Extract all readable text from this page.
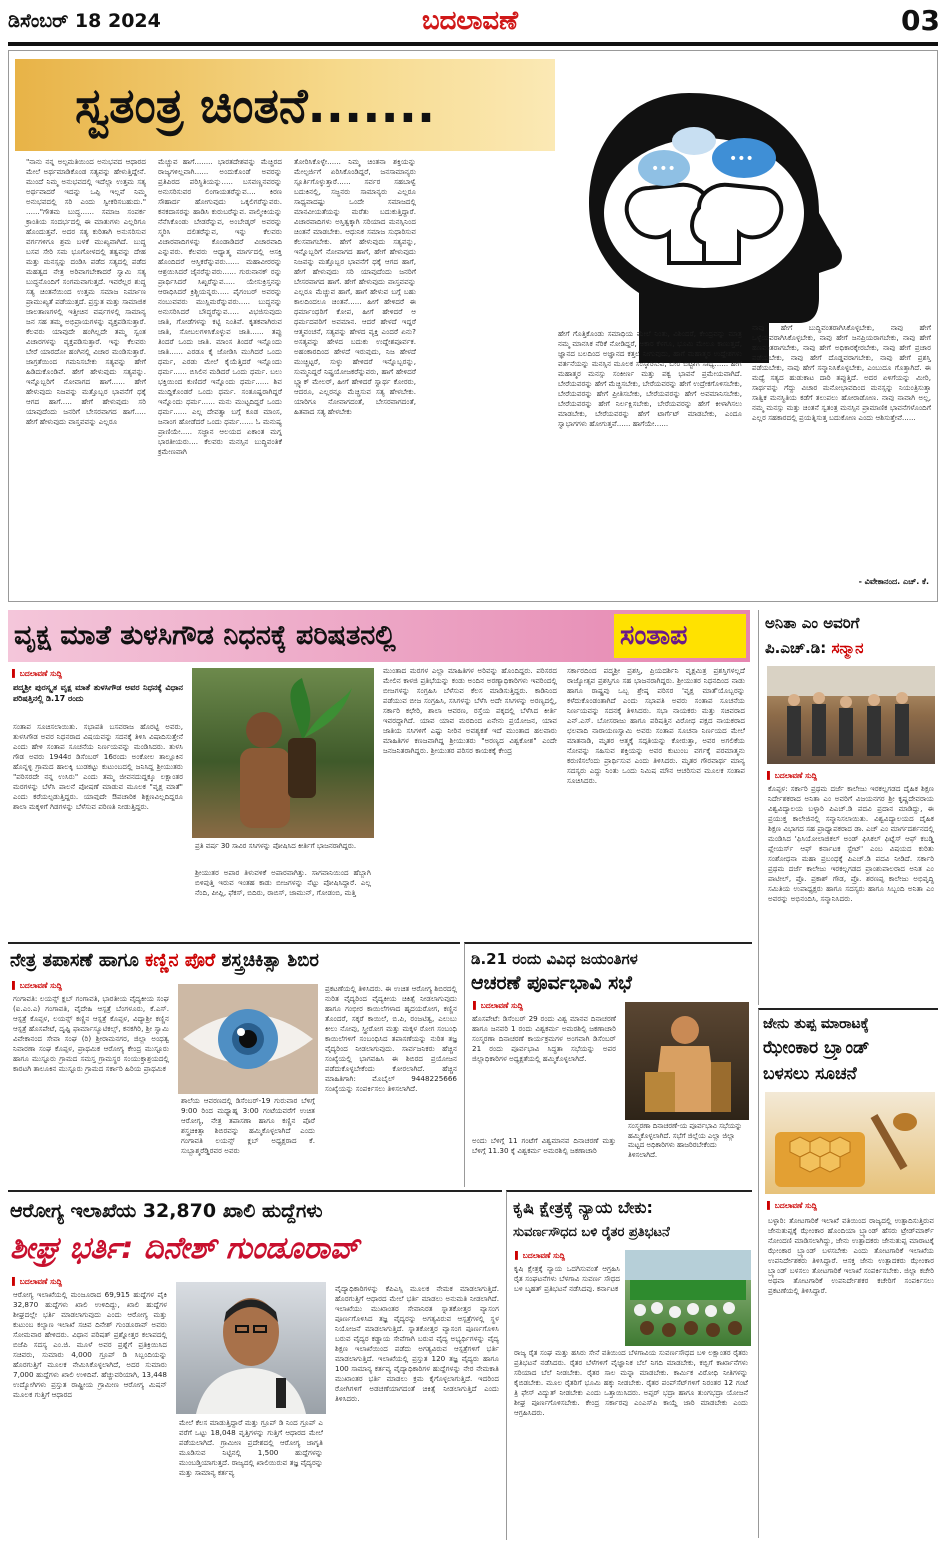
ಡಿಸೆಂಬರ್ 18 2024	ಬದಲಾವಣೆ	03
ಸ್ವತಂತ್ರ ಚಿಂತನೆ.......
•••
•••
"ನಾನು ನನ್ನ ಅಲ್ಪಮತಿಯಿಂದ ಅನುಭವದ ಆಧಾರದ ಮೇಲೆ ಅರ್ಥಮಾಡಿಕೊಂಡ ಸತ್ಯವನ್ನು ಹೇಳುತ್ತಿದ್ದೇನೆ. ಮುಂದೆ ನಿಮ್ಮ ಅನುಭವದಲ್ಲಿ ಇದೆಲ್ಲಾ ಉತ್ತಮ ಸತ್ಯ ಅರ್ಥವಾದರೆ ಇದನ್ನು ಒಪ್ಪಿ ಇಲ್ಲವೆ ನಿಮ್ಮ ಅನುಭವದಲ್ಲಿ ಸರಿ ಎಂದು ಸ್ವೀಕರಿಸಬಹುದು." ......"ಗೌತಮ ಬುದ್ಧ...... ಸಮಾಜ ಸಂಪರ್ಕ ಕ್ರಾಂತಿಯ ಸಂದರ್ಭದಲ್ಲಿ ಈ ಮಾತುಗಳು ಎಲ್ಲರಿಗೂ ಹೊಂದುತ್ತವೆ. ಅದರ ಸತ್ಯ ಕುರಿತಾಗಿ ಅನುಸರಿಸುವ ವರ್ಗಗಳಿಗೂ ಶ್ರಮ ಬಳಕೆ ಮುಖ್ಯವಾಗಿದೆ. ಬುದ್ಧ ಬಸವ ಸೇರಿ ಸಮ ಭೂಗೋಳದಲ್ಲಿ ತತ್ವವನ್ನು ದೇಹ ಮತ್ತು ಮನಸ್ಸನ್ನು ದಂಡಿಸಿ ಪಡೆದ ಸತ್ಯದಲ್ಲಿ ಪಡೆದ ಮಹತ್ವದ ನೇತ್ರ ಅರಿವಾಗಬೇಕಾದರೆ ಸ್ವಾಮಿ ಸತ್ಯ ಬುದ್ಧನೊಂದಿಗೆ ಸಂಗಮವಾಗುತ್ತದೆ. ಇವರೆಲ್ಲರ ಶುದ್ಧ ಸತ್ಯ ಚಿಂತನೆಯಿಂದ ಉತ್ತಮ ಸಮಾಜ ನಿರ್ಮಾಣ ಪ್ರಾಮುಖ್ಯತೆ ಪಡೆಯುತ್ತದೆ. ಪ್ರಸ್ತುತ ಮತ್ತು ಸಾಮಾಜಿಕ ಜಾಲತಾಣಗಳಲ್ಲಿ ಇತ್ತೀಚಿನ ವರ್ಷಗಳಲ್ಲಿ ಸಾಮಾನ್ಯ ಜನ ಸಹ ತಮ್ಮ ಅಭಿಪ್ರಾಯಗಳನ್ನು ವ್ಯಕ್ತಪಡಿಸುತ್ತಾರೆ. ಕೆಲವರು ಯಾವುದೇ ಹಂಗಿಲ್ಲದೇ ತಮ್ಮ ಸ್ವಂತ ವಿಚಾರಗಳನ್ನು ವ್ಯಕ್ತಪಡಿಸುತ್ತಾರೆ. ಇನ್ನು ಕೆಲವರು ಬೇರೆ ಯಾರದೋ ಹಂಗಿನಲ್ಲಿ ವಿಚಾರ ಮಂಡಿಸುತ್ತಾರೆ. ಜಾಗ್ರತೆಯಿಂದ ಗಮನಿಸಬೇಕು ಸತ್ಯವನ್ನು ಹೇಗೆ ಹಿಡಿದುಕೊಂಡಿವೆ. ಹೇಗೆ ಹೇಳುವುದು ಸತ್ಯವನ್ನು. ಇನ್ನೊಬ್ಬರಿಗೆ ನೋವಾಗದ ಹಾಗೆ...... ಹೇಗೆ ಹೇಳುವುದು ನಿಜವನ್ನು ಮತ್ತೊಬ್ಬರ ಭಾವನೆಗೆ ಧಕ್ಕೆ ಆಗದ ಹಾಗೆ..... ಹೇಗೆ ಹೇಳುವುದು ಸರಿ ಯಾವುದೆಂದು ಜನರಿಗೆ ಬೇಸರವಾಗದ ಹಾಗೆ..... ಹೇಗೆ ಹೇಳುವುದು ವಾಸ್ತವವನ್ನು ಎಲ್ಲರೂ
ಮೆಚ್ಚುವ ಹಾಗೆ........ ಭಾರತದೇಶವನ್ನು ಮೆಚ್ಚಿರದ ರಾಜ್ಯಗಳಿಲ್ಲವಾಗಿ...... ಅಂದುಕೊಂಡೆ ಅವರನ್ನು ಪ್ರತಿಪಿರದ ಪರಿಸ್ಥಿತಿಯನ್ನು..... ಬಸವಣ್ಣನವರನ್ನು ಅನುಸರಿಸುವರ ಲಿಂಗಾಯತರೆನ್ನುವ.... ಕಿರಣ ಸೌಹಾರ್ದ ಹೋಗುವುದು ಒಕ್ಕಲಿಗರೆನ್ನುವರು. ಕನಕದಾಸರನ್ನು ಹಾಡಿಸಿ ಕುರುಬರೆನ್ನುವ. ವಾಲ್ಮೀಕಿಯನ್ನು ನೆನೆಸಿಕೊಂಡು ಬೇಡರೆನ್ನುವ, ಅಂಬೇಡ್ಕರ್ ಅವರನ್ನು ಸ್ಮರಿಸಿ ದಲಿತರೆನ್ನುವ, ಇನ್ನು ಕೆಲವರು ವಿಚಾರವಾದಿಗಳನ್ನು ಕೊಂಡಾಡಿದರೆ ವಿಚಾರವಾದಿ ಎನ್ನುವರು. ಕೆಲವರು ಆಧ್ಯಾತ್ಮ ಮಾರ್ಗದಲ್ಲಿ ಆಸಕ್ತಿ ಹೊಂದಿದರೆ ಆಸ್ತಿಕರೆನ್ನುವರು...... ಮಹಾವೀರರನ್ನು ಆಶ್ರಯಿಸಿದರೆ ಜೈನರೆನ್ನುವರು...... ಗುರುನಾನಕ್ ರನ್ನು ಪ್ರಾರ್ಥಿಸಿದರೆ ಸಿಖ್ಖರೆನ್ನುವ..... ಯೇಸುಕ್ರಿಸ್ತನನ್ನು ಆರಾಧಿಸಿದರೆ ಕ್ರಿಶ್ಚಿಯನ್ನರು..... ಪೈಗಂಬರ್ ಅವರನ್ನು ನಂಬುವವರು ಮುಸ್ಲಿಮರೆನ್ನುವರು..... ಬುದ್ಧನನ್ನು ಅನುಸರಿಸಿದರೆ ಬೌದ್ಧರೆನ್ನುವ..... ವಿಭಜಿಸುವುದು ಜಾತಿ, ಗೋಡೆಗಳನ್ನು ಕಟ್ಟಿ ನಿಂತಿವೆ. ಕೃತಕವಾಗಿರುವ ಜಾತಿ, ಸೋಬಲಗಳಿಸಿಕೊಳ್ಳುವ ಜಾತಿ...... ತಪ್ಪು ತಿಂದರೆ ಒಂದು ಜಾತಿ. ಮಾಂಸ ತಿಂದರೆ ಇನ್ನೊಂದು ಜಾತಿ...... ಎರಡೂ ಕೈ ಜೋಡಿಸಿ ಮುಗಿದರೆ ಒಂದು ಧರ್ಮ, ಎರಡು ಮೇಲೆ ಕೈಯೆತ್ತಿದರೆ ಇನ್ನೊಂದು ಧರ್ಮ...... ಬಿಸಿಲಿನ ಮಡಿದರೆ ಒಂದು ಧರ್ಮ. ಬಲು ಭಕ್ತಿಯಿಂದ ಕುಣಿದರೆ ಇನ್ನೊಂದು ಧರ್ಮ...... ಶಿವ ಮುದ್ದಿಕೊಂಡರೆ ಒಂದು ಧರ್ಮ. ಸಂತೂಷ್ಟರಾಗಿದ್ದರೆ ಇನ್ನೊಂದು ಧರ್ಮ...... ಮನು ಮುಟ್ಟದಿದ್ದರೆ ಒಂದು ಧರ್ಮ...... ಎಲ್ಲ ದೇವತ್ವಾ ಬಗ್ಗೆ ಕೂಡ ಮಾಂಸ, ಜನಾಂಗ ಹೋಡೆದರೆ ಒಂದು ಧರ್ಮ...... ಓ ಮನುಷ್ಯ ಪ್ರಾಣಿಯೇ..... ಸಜ್ಜಾನ ಆಲಯದ ಏಕಾಂತ ಮಗ್ನ ಭಾರತೀಯರು.... ಕೆಲವರು ಮನಸ್ಸಿನ ಬುದ್ಧಿವಂತಿಕೆ ಕ್ರಮೇಣವಾಗಿ
ತೋರಿಸಿಕೊಳ್ಳೇ...... ನಿಮ್ಮ ಚಿಂತನಾ ಶಕ್ತಿಯನ್ನು ಮೇಲ್ಪರ್ಜಿಗೆ ಏರಿಸಿಕೊಂಡಿದ್ದರೆ, ಜನಸಾಮಾನ್ಯರು ಸ್ಪೂರ್ತಿಗೊಳ್ಳುತ್ತಾರೆ...... ಸರ್ವರ ಸಹಬಾಳ್ವೆ ಬದುಕಿನಲ್ಲಿ, ಸಜ್ಜನರು ಸಾಮಾನ್ಯರು ಎಲ್ಲರೂ ಸಾಧ್ಯವಾದಷ್ಟು ಒಂದೇ ಸಮಾಜದಲ್ಲಿ ಮಾನವೀಯತೆಯನ್ನು ಮರೆತು ಬದುಕುತ್ತಿದ್ದಾರೆ. ವಿಚಾರವಾದಿಗಳು ಅಸ್ತಿತ್ವಕ್ಕಾಗಿ ಸರಿಯಾದ ಮನಸ್ಸಿನಿಂದ ಚಿಂತನೆ ಮಾಡಬೇಕು. ಆಧುನಿಕ ಸಮಾಜ ಸುಧಾರಿಸುವ ಕೆಲಸವಾಗಬೇಕು. ಹೇಗೆ ಹೇಳುವುದು ಸತ್ಯವನ್ನು, ಇನ್ನೊಬ್ಬರಿಗೆ ನೋವಾಗದ ಹಾಗೆ, ಹೇಗೆ ಹೇಳುವುದು ನಿಜವನ್ನು ಮತ್ತೊಬ್ಬರ ಭಾವನೆಗೆ ಧಕ್ಕೆ ಆಗದ ಹಾಗೆ, ಹೇಗೆ ಹೇಳುವುದು ಸರಿ ಯಾವುದೆಂದು ಜನರಿಗೆ ಬೇಸರವಾಗದ ಹಾಗೆ. ಹೇಗೆ ಹೇಳುವುದು ವಾಸ್ತವವನ್ನು ಎಲ್ಲರೂ ಮೆಚ್ಚುವ ಹಾಗೆ, ಹಾಗೆ ಹೇಳುವ ಬಗ್ಗೆ ಬಹು ಕಾಲದಿಂದಲೂ ಚಿಂತನೆ...... ಹೀಗೆ ಹೇಳಿದರೆ ಈ ಧರ್ಮಾಂಧರಿಗೆ ಕೋಪ, ಹೀಗೆ ಹೇಳಿದರೆ ಆ ಧರ್ಮದವರಿಗೆ ಅವಮಾನ. ಆದರೆ ಹೇಳದೆ ಇದ್ದರೆ ಆತ್ಮವಂಚನೆ, ಸತ್ಯವನ್ನು ಹೇಳದ ವ್ಯಕ್ತಿ ಎಂದರೆ ಏನು? ಅಸತ್ಯವನ್ನು ಹೇಳದ ಬದುಕು ಉದ್ದೇಶಪೂರ್ವಕ. ಅಹಂಕಾರದಿಂದ ಹೇಳದೆ ಇರುವುದು, ನಿಜ ಹೇಳದೆ ಮುಚ್ಚಿಟ್ಟರೆ, ಸುಳ್ಳು ಹೇಳಿದರೆ ಇನ್ನೊಬ್ಬರನ್ನು, ಸುಮ್ಮನಿದ್ದರೆ ನಿಷ್ಪ್ರಯೋಜಕರೆನ್ನುವರು, ಹಾಗೆ ಹೇಳಿದರೆ ಬ್ಲ್ಯಾಕ್ ಮೇಲರ್, ಹೀಗೆ ಹೇಳಿದರೆ ಸ್ವಾರ್ಥ ಕೋರರು, ಆದರೂ, ಎಲ್ಲರನ್ನೂ ಮೆಚ್ಚಿಸುವ ಸತ್ಯ ಹೇಳಬೇಕು. ಯಾರಿಗೂ ನೋವಾಗದಂತೆ, ಬೇಸರವಾಗದಂತೆ, ಹಿತವಾದ ಸತ್ಯ ಹೇಳಬೇಕು
ಹೇಗೆ ಗೊತ್ತಿಕೊಂಡು ಸಮಾಧಿಯ ಮೇಲೆ ನಿಂತು, ವಿಶಿಂದರೆ, ಕೇಂದ್ರವನ್ನು ಮಾತ್ರ ನಮ್ಮ ಮಾನಸಿಕ ನೆರಿಕೆ ನೋಡಿದ್ದರೆ, ಆಕಾರ ಕೆಳಗೂ, ಭೂಮಿ ಮೇಲೂ ಕಾಣುತ್ತದೆ, ಜ್ಞಾನದ ಬಲದಿಂದ ಅಜ್ಞಾನದ ಕತ್ತಲೆ ನೀಗುವುದು, ಹಾಗೆ ಮಹಾತ್ಮರ ಉದ್ದೇಶಗಳು ವರ್ತನೆಯನ್ನು ಮನಸ್ಸಿನ ಮೂಲಕ ಸಂಸ್ಕಾರಿಸುವ, ಬೇರೆ ಬಿಟ್ಟಾಗ ಸಾಧ್ಯ...... ಹೀಗೆ ಮಹಾತ್ಮರ ಮನಸ್ಸು ಸಂಕೀರ್ಣ ಮತ್ತು ಪಕ್ವ ಭಾವನೆ ಪ್ರಮೇಯವಾಗಿದೆ. ಬೇರೆಯವರನ್ನು ಹೇಗೆ ಮೆಚ್ಚಿಸಬೇಕು, ಬೇರೆಯವರನ್ನು ಹೇಗೆ ಉದ್ರೇಕಗೊಳಿಸಬೇಕು, ಬೇರೆಯವರನ್ನು ಹೇಗೆ ಪ್ರೀತಿಸಬೇಕು, ಬೇರೆಯವರನ್ನು ಹೇಗೆ ಅವಮಾನಿಸಬೇಕು, ಬೇರೆಯವರನ್ನು ಹೇಗೆ ನಿರ್ಲಕ್ಷಿಸಬೇಕು, ಬೇರೆಯವರನ್ನು ಹೇಗೆ ಕೀಳಾಗಿಸಲು ಮಾಡಬೇಕು, ಬೇರೆಯವರನ್ನು ಹೇಗೆ ಟಾರ್ಗೆಟ್ ಮಾಡಬೇಕು, ಎಂದೂ ಸ್ವಾಭಾಗಗಳು ಹೋಗುತ್ತವೆ...... ಹಾಗೆಯೇ......
ನಾವು ಹೇಗೆ ಬುದ್ಧಿವಂತರಾಗಿಸಿಕೊಳ್ಳಬೇಕು, ನಾವು ಹೇಗೆ ಒಳ್ಳೆಯವರಾಗಿಸಿಕೊಳ್ಳಬೇಕು, ನಾವು ಹೇಗೆ ಜನಪ್ರಿಯರಾಗಬೇಕು, ನಾವು ಹೇಗೆ ಹಣವಂತರಾಗಬೇಕು, ನಾವು ಹೇಗೆ ಅಧಿಕಾರಕ್ಕೇರಬೇಕು, ನಾವು ಹೇಗೆ ಪ್ರಚಾರ ಪಡೆಯಬೇಕು, ನಾವು ಹೇಗೆ ದೊಡ್ಡವರಾಗಬೇಕು, ನಾವು ಹೇಗೆ ಪ್ರಶಸ್ತಿ ಪಡೆಯಬೇಕು, ನಾವು ಹೇಗೆ ಸನ್ಮಾನಿಸಿಕೊಳ್ಳಬೇಕು, ಎಂಬುದೂ ಗೊತ್ತಾಗಿದೆ. ಈ ಮಧ್ಯೆ ಸತ್ಯದ ಹುಡುಕಾಟ ದಾರಿ ತಪ್ಪುತ್ತಿದೆ. ಅದರ ಏಳಿಗೆಯನ್ನು ಮೀರಿ, ಸಾರ್ಥವನ್ನು ಗೆದ್ದು ವಿಚಾರ ಮನೋಭಾವದಿಂದ ಮನಸ್ಸನ್ನು ನಿಯಂತ್ರಿಸುತ್ತಾ ಸಾತ್ವಿಕ ಮನಸ್ಥಿತಿಯ ಕಡೆಗೆ ತಲುಪಲು ಹೋರಾಡೋಣ. ನಾವು ನಾವಾಗಿ ಅಲ್ಲ, ನಮ್ಮ ಮನಸ್ಸು ಮತ್ತು ಚಿಂತನೆ ಸ್ವತಂತ್ರ ಮನಸ್ಸಿನ ಪ್ರಾಮಾಣಿಕ ಭಾವನೆಗಳೊಂದಿಗೆ ಎಲ್ಲರ ಸಹಕಾರದಲ್ಲಿ ಪ್ರಯತ್ನಿಸುತ್ತ ಬದುಕೋಣ ಎಂದು ಆಶಿಸುತ್ತೇವೆ......
- ವಿವೇಕಾನಂದ. ಎಚ್. ಕೆ.
ವೃಕ್ಷ ಮಾತೆ ತುಳಸಿಗೌಡ ನಿಧನಕ್ಕೆ ಪರಿಷತನಲ್ಲಿ	ಸಂತಾಪ
▌ ಬದಲಾವಣೆ ಸುದ್ದಿ
ಪದ್ಮಶ್ರೀ ಪುರಸ್ಕೃತ ವೃಕ್ಷ ಮಾತೆ ತುಳಸಿಗೌಡ ಅವರ ನಿಧನಕ್ಕೆ ವಿಧಾನ ಪರಿಷತ್ತಿನಲ್ಲಿ ಡಿ.17 ರಂದು
ಸಂತಾಪ ಸೂಚಿಸಲಾಯಿತು. ಸಭಾಪತಿ ಬಸವರಾಜ ಹೊರಟ್ಟಿ ಅವರು, ತುಳಸಿಗೌಡ ಅವರ ನಿಧನರಾದ ವಿಷಯವನ್ನು ಸದನಕ್ಕೆ ತಿಳಿಸಿ ವಿಷಾದಿಸುತ್ತೇನೆ ಎಂದು ಹೇಳಿ ಸಂತಾಪ ಸೂಚನೆಯ ನಿರ್ಣಯವನ್ನು ಮಂಡಿಸಿದರು. ತುಳಸಿ ಗೌಡ ಅವರು 1944ರ ಡಿಸೆಂಬರ್ 16ರಂದು ಅಂಕೋಲ ತಾಲ್ಲೂಕಿನ ಹೊನ್ನಳ್ಳಿ ಗ್ರಾಮದ ಹಾಲಕ್ಕಿ ಬುಡಕಟ್ಟು ಕುಟುಂಬದಲ್ಲಿ ಜನಿಸಿದ್ದ ಶ್ರೀಯುತರು "ಪರಿಸರದೇ ನನ್ನ ಉಸಿರು" ಎಂದು ತಮ್ಮ ಜೀವನದುದ್ದಕ್ಕೂ ಲಕ್ಷಾಂತರ ಮರಗಳನ್ನು ಬೆಳೆಸಿ ಪಾಲನೆ ಪೋಷಣೆ ಮಾಡುವ ಮೂಲಕ "ವೃಕ್ಷ ಮಾತೆ" ಎಂದು ಕರೆಯಲ್ಪಡುತ್ತಿದ್ದರು. ಯಾವುದೇ ಔಪಚಾರಿಕ ಶಿಕ್ಷಣವಿಲ್ಲದಿದ್ದರೂ ಶಾಲಾ ಮಕ್ಕಳಿಗೆ ಗಿಡಗಳನ್ನು ಬೆಳೆಸುವ ಪರಿಣತಿ ನೀಡುತ್ತಿದ್ದರು.
ಪ್ರತಿ ವರ್ಷ 30 ಸಾವಿರ ಸಸಿಗಳನ್ನು ಪೋಷಿಸಿದ ಕೀರ್ತಿಗೆ ಭಾಜನರಾಗಿದ್ದರು.
ಶ್ರೀಯುತರ ಅಪಾರ ತಿಳುವಳಿಕೆ ಅಪಾರವಾಗಿತ್ತು. ಸಾಗವಾನಿಯಿಂದ ಹೆಬ್ಬಾಗಿ ಬಿಳಿಪುತ್ತಿ ಇರುವ ಇಂತಹ ಕಾಡು ಬೀಜಗಳನ್ನು ನೆಟ್ಟು ಪೋಷಿಸಿದ್ದಾರೆ. ಎಲ್ಲ ನೆಂದಿ, ಪೀಪ್ಲಿ, ಫೆಕಸ್, ಬಿದಿರು, ರಾಬಿಸ್, ಜಾಮುನ್, ಗೋಡಂಬಿ, ಮತ್ತಿ
ಮುಂತಾದ ಮರಗಳ ಎಲ್ಲಾ ಮಾಹಿತಿಗಳ ಅರಿವನ್ನು ಹೊಂದಿದ್ದರು. ಪರಿಸರದ ಮೇಲಿನ ಕಾಳಜಿ ಪ್ರತಿಭೆಯನ್ನು ಕಂಡು ಅಂದಿನ ಅರಣ್ಯಾಧಿಕಾರಿಗಳು ಇವರಿಂದಲ್ಲಿ ಬೀಜಗಳನ್ನು ಸಂಗ್ರಹಿಸಿ ಬೆಳೆಸುವ ಕೆಲಸ ಮಾಡಿಸುತ್ತಿದ್ದರು. ಕಾಡಿನಿಂದ ಪಡೆಯುವ ಬೀಜ ಸಂಗ್ರಹಿಸಿ, ಸಸಿಗಳನ್ನು ಬೆಳೆಸಿ ಅದೇ ಸಸಿಗಳನ್ನು ಅರಣ್ಯದಲ್ಲಿ, ಸರ್ಕಾರಿ ಕಛೇರಿ, ಶಾಲಾ ಆವರಣ, ರಸ್ತೆಯ ಪಕ್ಕದಲ್ಲಿ ಬೆಳೆಸಿದ ಕೀರ್ತಿ ಇವರದ್ದಾಗಿದೆ. ಯಾವ ಯಾವ ಮರದಿಂದ ಏನೇನು ಪ್ರಯೋಜನ, ಯಾವ ಜಾತಿಯ ಸಸಿಗಳಿಗೆ ಎಷ್ಟು ನೀರಿನ ಅವಶ್ಯಕತೆ ಇದೆ ಮುಂತಾದ ಹಲವಾರು ಮಾಹಿತಿಗಳ ಕಣಜವಾಗಿದ್ದ ಶ್ರೀಯುತರು "ಅರಣ್ಯದ ವಿಶ್ವಕೋಶ" ಎಂದೇ ಜನಜನಿತರಾಗಿದ್ದರು. ಶ್ರೀಯುತರ ಪರಿಸರ ಕಾಯಕಕ್ಕೆ ಕೇಂದ್ರ
ಸರ್ಕಾರದಿಂದ ಪದ್ಮಶ್ರೀ ಪ್ರಶಸ್ತಿ, ಪ್ರಿಯದರ್ಶಿನಿ ವೃಕ್ಷಮಿತ್ರ ಪ್ರಶಸ್ತಿಗಳಲ್ಲದೆ ರಾಜ್ಯೋತ್ಸವ ಪ್ರಶಸ್ತಿಗೂ ಸಹ ಭಾಜನರಾಗಿದ್ದರು. ಶ್ರೀಯುತರ ನಿಧನದಿಂದ ನಾಡು ಹಾಗೂ ರಾಷ್ಟ್ರವು ಒಬ್ಬ ಶ್ರೇಷ್ಠ ಪರಿಸರ 'ವೃಕ್ಷ ಮಾತೆ'ಯೊಬ್ಬರನ್ನು ಕಳೆದುಕೊಂಡಂತಾಗಿದೆ ಎಂದು ಸಭಾಪತಿ ಅವರು ಸಂತಾಪ ಸೂಚನೆಯ ನಿರ್ಣಯವನ್ನು ಸದನಕ್ಕೆ ತಿಳಿಸಿದರು. ಸಭಾ ನಾಯಕರು ಮತ್ತು ಸಚಿವರಾದ ಎನ್.ಎಸ್. ಬೋಸರಾಜು ಹಾಗೂ ಪರಿಷತ್ತಿನ ವಿರೋಧ ಪಕ್ಷದ ನಾಯಕರಾದ ಛಲವಾದಿ ನಾರಾಯಣಸ್ವಾಮಿ ಅವರು ಸಂತಾಪ ಸೂಚನಾ ನಿರ್ಣಯದ ಮೇಲೆ ಮಾತನಾಡಿ, ಮೃತರ ಆತ್ಮಕ್ಕೆ ಸದ್ಗತಿಯನ್ನು ಕೋರುತ್ತಾ, ಅವರ ಅಗಲಿಕೆಯ ನೋವನ್ನು ಸಹಿಸುವ ಶಕ್ತಿಯನ್ನು ಅವರ ಕುಟುಂಬ ವರ್ಗಕ್ಕೆ ಪರಮಾತ್ಮನು ಕರುಣಿಸಲೆಂದು ಪ್ರಾರ್ಥಿಸುವ ಎಂದು ತಿಳಿಸಿದರು. ಮೃತರ ಗೌರವಾರ್ಥ ಮಾನ್ಯ ಸದಸ್ಯರು ಎದ್ದು ನಿಂತು ಒಂದು ನಿಮಿಷ ಮೌನ ಆಚರಿಸುವ ಮೂಲಕ ಸಂತಾಪ ಸೂಚಿಸಿದರು.
ಅನಿತಾ ಎಂ ಅವರಿಗೆ
ಪಿ.ಎಚ್.ಡಿ: ಸನ್ಮಾನ
▌ ಬದಲಾವಣೆ ಸುದ್ದಿ
ಕೊಪ್ಪಳ: ಸರ್ಕಾರಿ ಪ್ರಥಮ ದರ್ಜೆ ಕಾಲೇಜು ಇರಕಲ್ಲಗಡದ ದೈಹಿಕ ಶಿಕ್ಷಣ ನಿರ್ದೇಶಕರಾದ ಅನಿತಾ ಎಂ ಅವರಿಗೆ ವಿಜಯನಗರ ಶ್ರೀ ಕೃಷ್ಣದೇವರಾಯ ವಿಶ್ವವಿದ್ಯಾಲಯ ಬಳ್ಳಾರಿ ಪಿಎಚ್.ಡಿ ಪದವಿ ಪ್ರದಾನ ಮಾಡಿದ್ದು, ಈ ಪ್ರಯುಕ್ತ ಕಾಲೇಜಿನಲ್ಲಿ ಸನ್ಮಾನಿಸಲಾಯಿತು. ವಿಶ್ವವಿದ್ಯಾಲಯದ ದೈಹಿಕ ಶಿಕ್ಷಣ ವಿಭಾಗದ ಸಹ ಪ್ರಾಧ್ಯಾಪಕರಾದ ಡಾ. ಎಚ್ ಎಂ ಮಾರ್ಗದರ್ಶನದಲ್ಲಿ ಮಂಡಿಸಿದ 'ಫಿಸಿಯೋಲಾಜಿಕಲ್ ಅಂಡ್ ಫಿಸಿಕಲ್ ಫಿಟ್ನೆಸ್ ಆಫ್ ಕಬಡ್ಡಿ ಪ್ಲೇಯರ್ಸ್ ಆಫ್ ಕರ್ನಾಟಕ ಸ್ಟೇಟ್' ಎಂಬ ವಿಷಯದ ಕುರಿತು ಸಂಶೋಧನಾ ಮಹಾ ಪ್ರಬಂಧಕ್ಕೆ ಪಿಎಚ್.ಡಿ ಪದವಿ ನೀಡಿದೆ. ಸರ್ಕಾರಿ ಪ್ರಥಮ ದರ್ಜೆ ಕಾಲೇಜು ಇರಕಲ್ಲಗಡದ ಪ್ರಾಂಶುಪಾಲರಾದ ಅನಿತ ಎಂ ಪಾಟೀಲ್, ಪ್ರೊ. ಪ್ರಕಾಶ್ ಗೌಡ, ಪ್ರೊ. ಶರಣಪ್ಪ ಕಾಲೇಜು ಅಭಿವೃದ್ಧಿ ಸಮಿತಿಯ ಉಪಾಧ್ಯಕ್ಷರು ಹಾಗೂ ಸದಸ್ಯರು ಹಾಗೂ ಸಿಬ್ಬಂದಿ ಅನಿತಾ ಎಂ ಅವರನ್ನು ಅಭಿನಂದಿಸಿ, ಸನ್ಮಾನಿಸಿದರು.
ನೇತ್ರ ತಪಾಸಣೆ ಹಾಗೂ ಕಣ್ಣಿನ ಪೊರೆ ಶಸ್ತ್ರಚಿಕಿತ್ಸಾ ಶಿಬಿರ
▌ ಬದಲಾವಣೆ ಸುದ್ದಿ
ಗಂಗಾವತಿ: ಲಯನ್ಸ್ ಕ್ಲಬ್ ಗಂಗಾವತಿ, ಭಾರತೀಯ ವೈದ್ಯಕೀಯ ಸಂಘ (ಐ.ಎಂ.ಎ) ಗಂಗಾವತಿ, ವೈದೇಹಿ ಆಸ್ಪತ್ರೆ ಬೆಂಗಳೂರು, ಕೆ.ಎಸ್. ಆಸ್ಪತ್ರೆ ಕೊಪ್ಪಳ, ಲಯನ್ಸ್ ಕಣ್ಣಿನ ಆಸ್ಪತ್ರೆ ಕೊಪ್ಪಳ, ವಿದ್ಯಾಶ್ರೀ ಕಣ್ಣಿನ ಆಸ್ಪತ್ರೆ ಹೊಸಪೇಟೆ, ದೃಷ್ಟಿ ಫಾರ್ಮಾಸ್ಯೂಟಿಕಲ್ಸ್, ಕನಕಗಿರಿ, ಶ್ರೀ ಸ್ವಾಮಿ ವಿವೇಕಾನಂದ ಸೇವಾ ಸಂಘ (ರಿ) ಶ್ರೀರಾಮನಗರ, ಜಿಲ್ಲಾ ಅಂಧತ್ವ ನಿವಾರಣಾ ಸಂಘ ಕೊಪ್ಪಳ, ಪ್ರಾಥಮಿಕ ಆರೋಗ್ಯ ಕೇಂದ್ರ ಮುಸ್ಟೂರು ಹಾಗೂ ಮುಸ್ಟೂರು ಗ್ರಾಮದ ಸಮಸ್ತ ಗ್ರಾಮಸ್ಥರ ಸಂಯುಕ್ತಾಶ್ರಯದಲ್ಲಿ ಕಾರಟಗಿ ತಾಲೂಕಿನ ಮುಸ್ಟೂರು ಗ್ರಾಮದ ಸರ್ಕಾರಿ ಹಿರಿಯ ಪ್ರಾಥಮಿಕ
ಶಾಲೆಯ ಆವರಣದಲ್ಲಿ ಡಿಸೆಂಬರ್-19 ಗುರುವಾರ ಬೆಳಿಗ್ಗೆ 9:00 ರಿಂದ ಮಧ್ಯಾಹ್ನ 3:00 ಗಂಟೆಯವರೆಗೆ ಉಚಿತ ಆರೋಗ್ಯ, ನೇತ್ರ ತಪಾಸಣಾ ಹಾಗೂ ಕಣ್ಣಿನ ಪೊರೆ ಶಸ್ತ್ರಚಿಕಿತ್ಸಾ ಶಿಬಿರವನ್ನು ಹಮ್ಮಿಕೊಳ್ಳಲಾಗಿದೆ ಎಂದು ಗಂಗಾವತಿ ಲಯನ್ಸ್ ಕ್ಲಬ್ ಅಧ್ಯಕ್ಷರಾದ ಕೆ. ಸುಬ್ಬಾಶ್ಮರೆಡ್ಡಿರವರ ಅವರು
ಪ್ರಕಟಣೆಯಲ್ಲಿ ತಿಳಿಸಿದರು. ಈ ಉಚಿತ ಆರೋಗ್ಯ ಶಿಬಿರದಲ್ಲಿ ನುರಿತ ವೈದ್ಯರಿಂದ ವೈದ್ಯಕೀಯ ಚಿಕಿತ್ಸೆ ನೀಡಲಾಗುವುದು ಹಾಗೂ ಗಂಭೀರ ಕಾಯಿಲೆಗಳಾದ ಹೃದಯರೋಗ, ಕಣ್ಣಿನ ತೊಂದರೆ, ಸಕ್ಕರೆ ಕಾಯಿಲೆ, ಬಿ.ಪಿ, ರಂಜಟಿತ್ವ, ಎಲುಬು ಕೀಲು ನೋವು, ಸ್ತ್ರೀರೋಗ ಮತ್ತು ಮಕ್ಕಳ ರೋಗ ಸಂಬಂಧಿ ಕಾಯಿಲೆಗಳಿಗೆ ಸಂಬಂಧಿಸಿದ ತಪಾಸಣೆಯನ್ನು ನುರಿತ ತಜ್ಞ ವೈದ್ಯರಿಂದ ನೀಡಲಾಗುವುದು. ಸಾರ್ವಜನಿಕರು ಹೆಚ್ಚಿನ ಸಂಖ್ಯೆಯಲ್ಲಿ ಭಾಗವಹಿಸಿ ಈ ಶಿಬಿರದ ಪ್ರಯೋಜನ ಪಡೆದುಕೊಳ್ಳಬೇಕೆಂದು ಕೋರಲಾಗಿದೆ. ಹೆಚ್ಚಿನ ಮಾಹಿತಿಗಾಗಿ: ಮೊಬೈಲ್ 9448225666 ಸಂಖ್ಯೆಯನ್ನು ಸಂಪರ್ಕಿಸಲು ತಿಳಿಸಲಾಗಿದೆ.
ಡಿ.21 ರಂದು ವಿವಿಧ ಜಯಂತಿಗಳ
ಆಚರಣೆ ಪೂರ್ವಭಾವಿ ಸಭೆ
▌ ಬದಲಾವಣೆ ಸುದ್ದಿ
ಹೊಸಪೇಟೆ: ಡಿಸೆಂಬರ್ 29 ರಂದು ವಿಶ್ವ ಮಾನವ ದಿನಾಚರಣೆ ಹಾಗೂ ಜನವರಿ 1 ರಂದು ವಿಶ್ವಕರ್ಮ ಅಮರಶಿಲ್ಪಿ ಜಕಣಾಚಾರಿ ಸಂಸ್ಮರಣಾ ದಿನಾಚರಣೆ ಕಾರ್ಯಕ್ರಮಗಳ ಅಂಗವಾಗಿ ಡಿಸೆಂಬರ್ 21 ರಂದು ಪೂರ್ವಭಾವಿ ಸಿದ್ಧತಾ ಸಭೆಯನ್ನು ಅಪರ ಜಿಲ್ಲಾಧಿಕಾರಿಗಳ ಅಧ್ಯಕ್ಷತೆಯಲ್ಲಿ ಹಮ್ಮಿಕೊಳ್ಳಲಾಗಿದೆ.
ಸಂಸ್ಮರಣಾ ದಿನಾಚರಣೆ-ಯ ಪೂರ್ವಭಾವಿ ಸಭೆಯನ್ನು ಹಮ್ಮಿಕೊಳ್ಳಲಾಗಿದೆ. ಸಭೆಗೆ ಜಿಲ್ಲೆಯ ಎಲ್ಲಾ ಜಿಲ್ಲಾ ಮಟ್ಟದ ಅಧಿಕಾರಿಗಳು ಹಾಜರಿರಬೇಕೆಂದು ತಿಳಿಸಲಾಗಿದೆ.
ಅಂದು ಬೆಳಿಗ್ಗೆ 11 ಗಂಟೆಗೆ ವಿಶ್ವಮಾನವ ದಿನಾಚರಣೆ ಮತ್ತು ಬೆಳಿಗ್ಗೆ 11.30 ಕ್ಕೆ ವಿಶ್ವಕರ್ಮ ಅಮರಶಿಲ್ಪಿ ಜಕಣಾಚಾರಿ
ಜೇನು ತುಪ್ಪ ಮಾರಾಟಕ್ಕೆ
ಝೇಂಕಾರ ಬ್ರ್ಯಾಂಡ್
ಬಳಸಲು ಸೂಚನೆ
▌ ಬದಲಾವಣೆ ಸುದ್ದಿ
ಬಳ್ಳಾರಿ: ತೋಟಗಾರಿಕೆ ಇಲಾಖೆ ವತಿಯಿಂದ ರಾಜ್ಯದಲ್ಲಿ ಉತ್ಪಾದಿಸುತ್ತಿರುವ ಜೇನುತುಪ್ಪಕ್ಕೆ ಝೇಂಕಾರ ಹೊಂದಿಯಾ ಬ್ರ್ಯಾಂಡ್ ಹೆಸರು ಟ್ರೇಡ್‌ಮಾರ್ಕ್ ನೋಂದಣಿ ಮಾಡಿಸಲಾಗಿದ್ದು, ಜೇನು ಉತ್ಪಾದಕರು ಜೇನುತುಪ್ಪ ಮಾರಾಟಕ್ಕೆ ಝೇಂಕಾರ ಬ್ರ್ಯಾಂಡ್ ಬಳಸಬೇಕು ಎಂದು ತೋಟಗಾರಿಕೆ ಇಲಾಖೆಯ ಉಪನಿರ್ದೇಶಕರು ತಿಳಿಸಿದ್ದಾರೆ. ಆಸಕ್ತ ಜೇನು ಉತ್ಪಾದಕರು ಝೇಂಕಾರ ಬ್ರ್ಯಾಂಡ್ ಬಳಸಲು ತೋಟಗಾರಿಕೆ ಇಲಾಖೆ ಸಂಪರ್ಕಿಸಬೇಕು. ಜಿಲ್ಲಾ ಕಚೇರಿ ಅಥವಾ ತೋಟಗಾರಿಕೆ ಉಪನಿರ್ದೇಶಕರ ಕಚೇರಿಗೆ ಸಂಪರ್ಕಿಸಲು ಪ್ರಕಟಣೆಯಲ್ಲಿ ತಿಳಿಸಿದ್ದಾರೆ.
ಆರೋಗ್ಯ ಇಲಾಖೆಯ 32,870 ಖಾಲಿ ಹುದ್ದೆಗಳು
ಶೀಘ್ರ ಭರ್ತಿ: ದಿನೇಶ್ ಗುಂಡೂರಾವ್
▌ ಬದಲಾವಣೆ ಸುದ್ದಿ
ಆರೋಗ್ಯ ಇಲಾಖೆಯಲ್ಲಿ ಮಂಜೂರಾದ 69,915 ಹುದ್ದೆಗಳ ಪೈಕಿ 32,870 ಹುದ್ದೆಗಳು ಖಾಲಿ ಉಳಿದಿದ್ದು, ಖಾಲಿ ಹುದ್ದೆಗಳ ಶೀಘ್ರದಲ್ಲೇ ಭರ್ತಿ ಮಾಡಲಾಗುವುದು ಎಂದು ಆರೋಗ್ಯ ಮತ್ತು ಕುಟುಂಬ ಕಲ್ಯಾಣ ಇಲಾಖೆ ಸಚಿವ ದಿನೇಶ್ ಗುಂಡೂರಾವ್ ಅವರು ಸೋಮವಾರ ಹೇಳಿದರು. ವಿಧಾನ ಪರಿಷತ್ ಪ್ರಶ್ನೋತ್ತರ ಕಲಾಪದಲ್ಲಿ ಬಿಜೆಪಿ ಸದಸ್ಯ ಎಂ.ಜಿ. ಮೂಳೆ ಅವರ ಪ್ರಶ್ನೆಗೆ ಪ್ರತಿಕ್ರಿಯಿಸಿದ ಸಚಿವರು, ಸುಮಾರು 4,000 ಗ್ರೂಪ್ ಡಿ ಸಿಬ್ಬಂದಿಯನ್ನು ಹೊರಗುತ್ತಿಗೆ ಮೂಲಕ ನೇಮಿಸಿಕೊಳ್ಳಲಾಗಿದೆ, ಅದರ ಸುಮಾರು 7,000 ಹುದ್ದೆಗಳು ಖಾಲಿ ಉಳಿದಿವೆ. ಹೆಚ್ಚುವರಿಯಾಗಿ, 13,448 ಉದ್ಯೋಗಿಗಳು ಪ್ರಸ್ತುತ ರಾಷ್ಟ್ರೀಯ ಗ್ರಾಮೀಣ ಆರೋಗ್ಯ ಮಿಷನ್ ಮೂಲಕ ಗುತ್ತಿಗೆ ಆಧಾರದ
ಮೇಲೆ ಕೆಲಸ ಮಾಡುತ್ತಿದ್ದಾರೆ ಮತ್ತು ಗ್ರೂಪ್ ಡಿ ನಿಂದ ಗ್ರೂಪ್ ಎ ವರೆಗೆ ಒಟ್ಟು 18,048 ವೃತ್ತಿಗಳನ್ನು ಗುತ್ತಿಗೆ ಆಧಾರದ ಮೇಲೆ ಪಡೆಯಲಾಗಿದೆ. ಗ್ರಾಮೀಣ ಪ್ರದೇಶದಲ್ಲಿ ಆರೋಗ್ಯ ಜಾಗೃತಿ ಮೂಡಿಸುವ ನಿಟ್ಟಿನಲ್ಲಿ 1,500 ಹುದ್ದೆಗಳನ್ನು ಮುಂಬಡ್ತಿಯಾಗುತ್ತದೆ. ರಾಜ್ಯದಲ್ಲಿ ಖಾಲಿಯಿರುವ ತಜ್ಞ ವೈದ್ಯರನ್ನು ಮತ್ತು ಸಾಮಾನ್ಯ ಕರ್ತವ್ಯ
ವೈದ್ಯಾಧಿಕಾರಿಗಳನ್ನು ಕೆಪಿಎಸ್ಸಿ ಮೂಲಕ ನೇಮಕ ಮಾಡಲಾಗುತ್ತಿದೆ. ಹೊರಗುತ್ತಿಗೆ ಆಧಾರದ ಮೇಲೆ ಭರ್ತಿ ಮಾಡಲು ಅನುಮತಿ ನೀಡಲಾಗಿದೆ. ಇಲಾಖೆಯು ಮುಖಾಂತರ ಸೇವಾನಿರತ ಸ್ನಾತಕೋತ್ತರ ವ್ಯಾಸಂಗ ಪೂರ್ಣಗೊಳಿಸಿದ ತಜ್ಞ ವೈದ್ಯರನ್ನು ಅಗತ್ಯವಿರುವ ಆಸ್ಪತ್ರೆಗಳಲ್ಲಿ ಸ್ಥಳ ನಿಯೋಜನೆ ಮಾಡಲಾಗುತ್ತಿದೆ. ಸ್ನಾತಕೋತ್ತರ ವ್ಯಾಸಂಗ ಪೂರ್ಣಗೊಳಿಸಿ ಬರುವ ವೈದ್ಯರ ಕಡ್ಡಾಯ ಸೇವೆಗಾಗಿ ಬರುವ ವೈದ್ಯ ಅಭ್ಯರ್ಥಿಗಳನ್ನು ವೈದ್ಯ ಶಿಕ್ಷಣ ಇಲಾಖೆಯಿಂದ ಪಡೆದು ಅಗತ್ಯವಿರುವ ಆಸ್ಪತ್ರೆಗಳಿಗೆ ಭರ್ತಿ ಮಾಡಲಾಗುತ್ತಿದೆ. ಇಲಾಖೆಯಲ್ಲಿ ಪ್ರಸ್ತುತ 120 ತಜ್ಞ ವೈದ್ಯರು ಹಾಗೂ 100 ಸಾಮಾನ್ಯ ಕರ್ತವ್ಯ ವೈದ್ಯಾಧಿಕಾರಿಗಳ ಹುದ್ದೆಗಳನ್ನು ನೇರ ನೇಮಕಾತಿ ಮುಖಾಂತರ ಭರ್ತಿ ಮಾಡಲು ಕ್ರಮ ಕೈಗೊಳ್ಳಲಾಗುತ್ತಿದೆ. ಇದರಿಂದ ರೋಗಿಗಳಿಗೆ ಅಡಚಣೆಯಾಗದಂತೆ ಚಿಕಿತ್ಸೆ ನೀಡಲಾಗುತ್ತಿದೆ ಎಂದು ತಿಳಿಸಿದರು.
ಕೃಷಿ ಕ್ಷೇತ್ರಕ್ಕೆ ನ್ಯಾಯ ಬೇಕು:
ಸುವರ್ಣಸೌಧದ ಬಳಿ ರೈತರ ಪ್ರತಿಭಟನೆ
▌ ಬದಲಾವಣೆ ಸುದ್ದಿ
ಕೃಷಿ ಕ್ಷೇತ್ರಕ್ಕೆ ನ್ಯಾಯ ಒದಗಿಸುವಂತೆ ಆಗ್ರಹಿಸಿ ರೈತ ಸಂಘಟನೆಗಳು ಬೆಳಗಾವಿ ಸುವರ್ಣ ಸೌಧದ ಬಳಿ ಬೃಹತ್ ಪ್ರತಿಭಟನೆ ನಡೆಸಿದವು. ಕರ್ನಾಟಕ
ರಾಜ್ಯ ರೈತ ಸಂಘ ಮತ್ತು ಹಸಿರು ಸೇನೆ ವತಿಯಿಂದ ಬೆಳಗಾವಿಯ ಸುವರ್ಣಸೌಧದ ಬಳಿ ಲಕ್ಷಾಂತರ ರೈತರು ಪ್ರತಿಭಟನೆ ನಡೆಸಿದರು. ರೈತರ ಬೆಳೆಗಳಿಗೆ ವೈಜ್ಞಾನಿಕ ಬೆಲೆ ನಿಗದಿ ಮಾಡಬೇಕು, ಕಬ್ಬಿಗೆ ಕಾರ್ಖಾನೆಗಳು ಸರಿಯಾದ ಬೆಲೆ ನೀಡಬೇಕು. ರೈತರ ಸಾಲ ಮನ್ನಾ ಮಾಡಬೇಕು. ಕಾರ್ಮಿಕ ವಿರೋಧಿ ನೀತಿಗಳನ್ನು ಕೈಬಿಡಬೇಕು. ಮೂಲ ರೈತರಿಗೆ ಭೂಮಿ ಹಕ್ಕು ನೀಡಬೇಕು. ರೈತರ ಪಂಪ್‌ಸೆಟ್‌ಗಳಿಗೆ ನಿರಂತರ 12 ಗಂಟೆ ತ್ರಿ ಫೇಸ್ ವಿದ್ಯುತ್ ನೀಡಬೇಕು ಎಂದು ಒತ್ತಾಯಿಸಿದರು. ಅಪ್ಪರ್ ಭದ್ರಾ ಹಾಗೂ ತುಂಗಭದ್ರಾ ಯೋಜನೆ ಶೀಘ್ರ ಪೂರ್ಣಗೊಳಿಸಬೇಕು. ಕೇಂದ್ರ ಸರ್ಕಾರವು ಎಂಎಸ್‌ಪಿ ಕಾಯ್ದೆ ಜಾರಿ ಮಾಡಬೇಕು ಎಂದು ಆಗ್ರಹಿಸಿದರು.
